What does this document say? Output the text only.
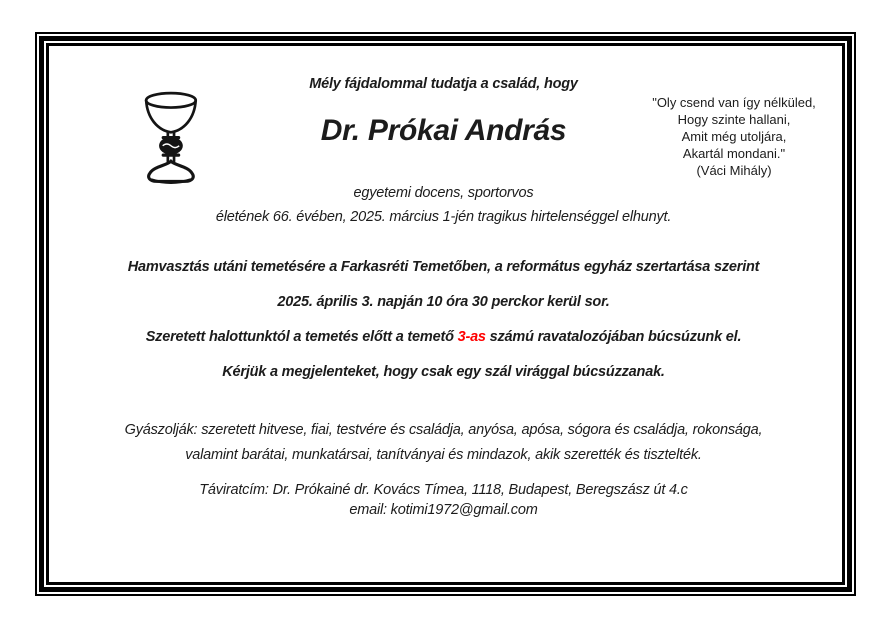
"Oly csend van így nélküled,
Hogy szinte hallani,
Amit még utoljára,
Akartál mondani."
(Váci Mihály)
Mély fájdalommal tudatja a család, hogy
Dr. Prókai András
egyetemi docens, sportorvos
életének 66. évében, 2025. március 1-jén tragikus hirtelenséggel elhunyt.
Hamvasztás utáni temetésére a Farkasréti Temetőben, a református egyház szertartása szerint
2025. április 3. napján 10 óra 30 perckor kerül sor.
Szeretett halottunktól a temetés előtt a temető 3-as számú ravatalozójában búcsúzunk el.
Kérjük a megjelenteket, hogy csak egy szál virággal búcsúzzanak.
Gyászolják: szeretett hitvese, fiai, testvére és családja, anyósa, apósa, sógora és családja, rokonsága,
valamint barátai, munkatársai, tanítványai és mindazok, akik szerették és tisztelték.
Táviratcím: Dr. Prókainé dr. Kovács Tímea, 1118, Budapest, Beregszász út 4.c
email: kotimi1972@gmail.com
